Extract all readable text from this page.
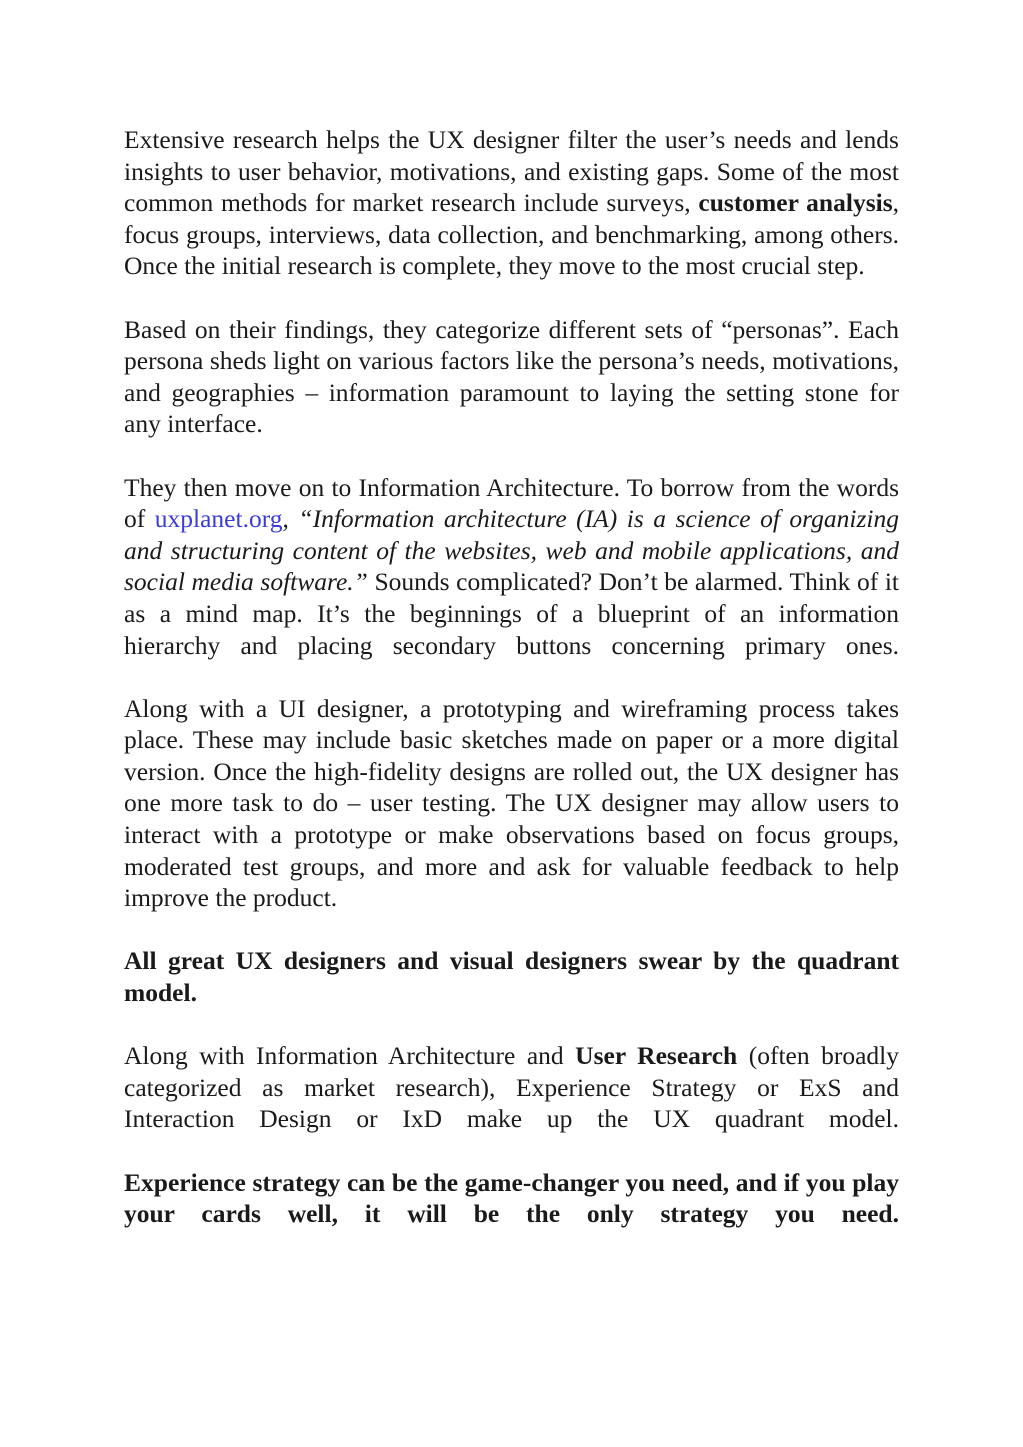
Extensive research helps the UX designer filter the user’s needs and lends insights to user behavior, motivations, and existing gaps. Some of the most common methods for market research include surveys, customer analysis, focus groups, interviews, data collection, and benchmarking, among others. Once the initial research is complete, they move to the most crucial step.

Based on their findings, they categorize different sets of “personas”. Each persona sheds light on various factors like the persona’s needs, motivations, and geographies – information paramount to laying the setting stone for any interface.

They then move on to Information Architecture. To borrow from the words of uxplanet.org, “Information architecture (IA) is a science of organizing and structuring content of the websites, web and mobile applications, and social media software.” Sounds complicated? Don’t be alarmed. Think of it as a mind map. It’s the beginnings of a blueprint of an information hierarchy and placing secondary buttons concerning primary ones.

Along with a UI designer, a prototyping and wireframing process takes place. These may include basic sketches made on paper or a more digital version. Once the high-fidelity designs are rolled out, the UX designer has one more task to do – user testing. The UX designer may allow users to interact with a prototype or make observations based on focus groups, moderated test groups, and more and ask for valuable feedback to help improve the product.

All great UX designers and visual designers swear by the quadrant model.

Along with Information Architecture and User Research (often broadly categorized as market research), Experience Strategy or ExS and Interaction Design or IxD make up the UX quadrant model.

Experience strategy can be the game-changer you need, and if you play your cards well, it will be the only strategy you need.
